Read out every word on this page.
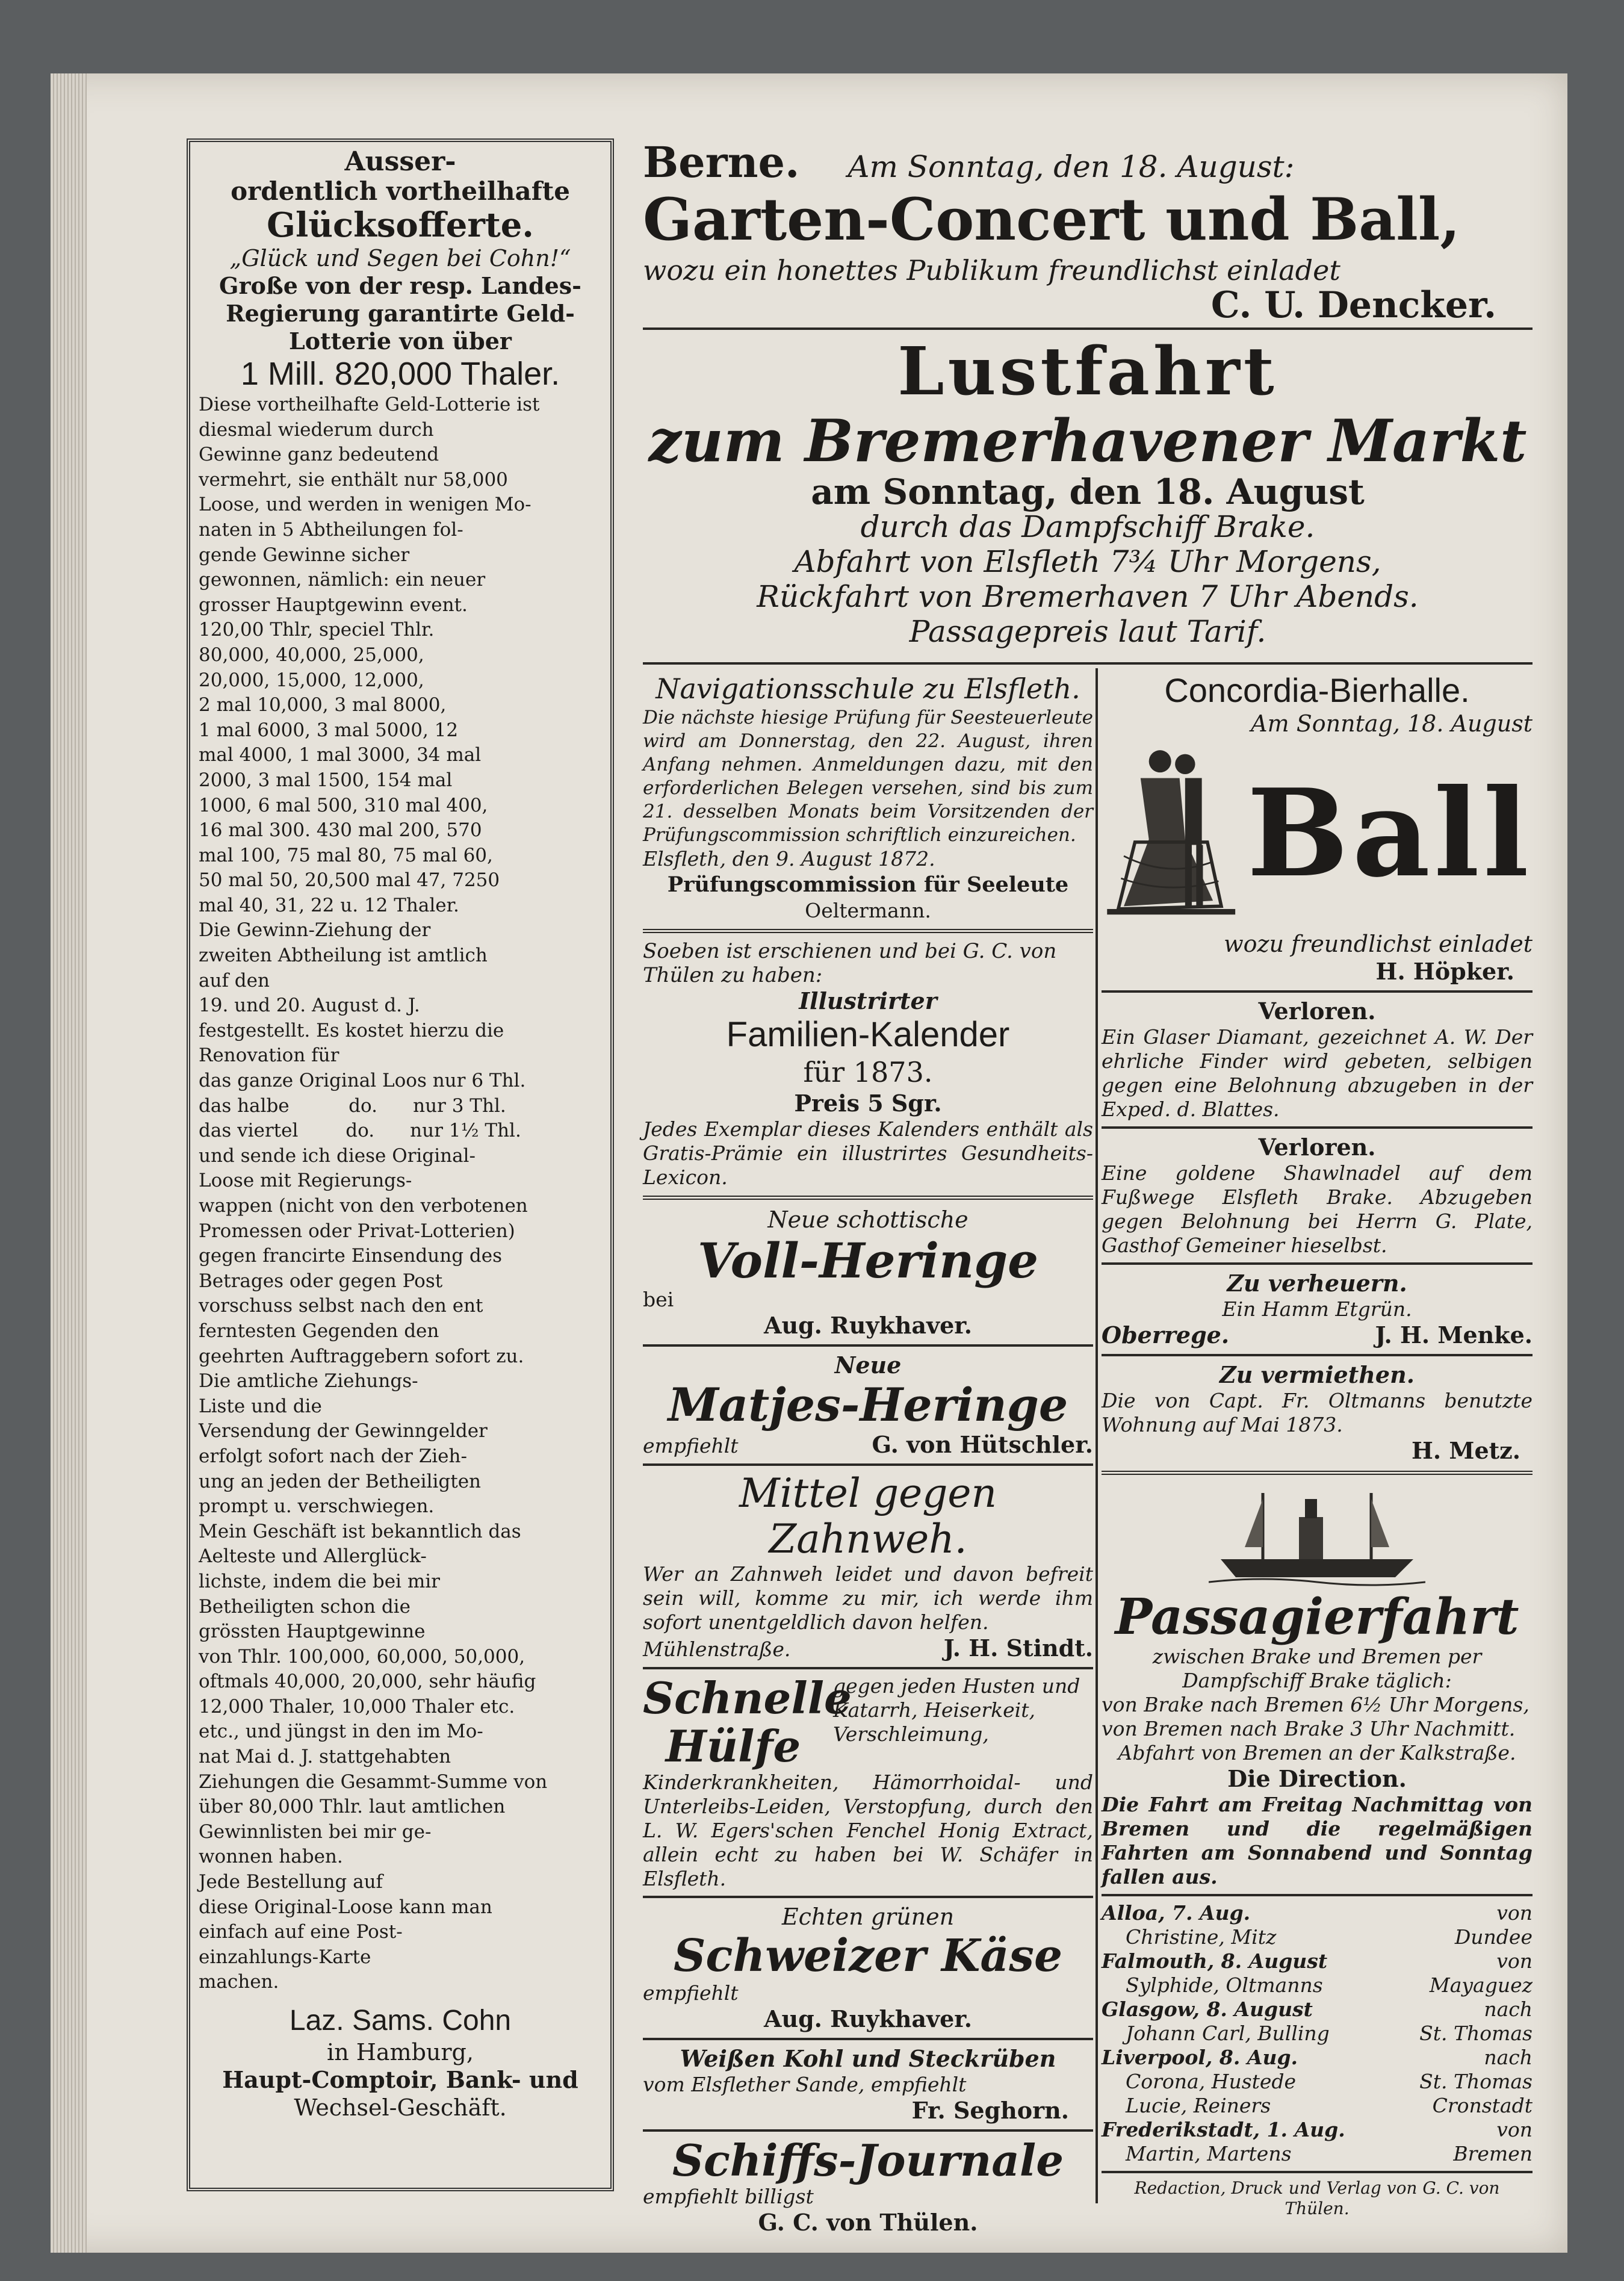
Ausser-

ordentlich vortheilhafte

Glücksofferte.

„Glück und Segen bei Cohn!“

Große von der resp. Landes-

Regierung garantirte Geld-

Lotterie von über

1 Mill. 820,000 Thaler.

Diese vortheilhafte Geld-Lotterie ist

diesmal wiederum durch

Gewinne ganz bedeutend

vermehrt, sie enthält nur 58,000

Loose, und werden in wenigen Mo-

naten in 5 Abtheilungen fol-

gende Gewinne sicher

gewonnen, nämlich: ein neuer

grosser Hauptgewinn event.

120,00 Thlr, speciel Thlr.

80,000, 40,000, 25,000,

20,000, 15,000, 12,000,

2 mal 10,000, 3 mal 8000,

1 mal 6000, 3 mal 5000, 12

mal 4000, 1 mal 3000, 34 mal

2000, 3 mal 1500, 154 mal

1000, 6 mal 500, 310 mal 400,

16 mal 300. 430 mal 200, 570

mal 100, 75 mal 80, 75 mal 60,

50 mal 50, 20,500 mal 47, 7250

mal 40, 31, 22 u. 12 Thaler.

Die Gewinn-Ziehung der

zweiten Abtheilung ist amtlich

auf den

19. und 20. August d. J.

festgestellt. Es kostet hierzu die

Renovation für

das ganze Original Loos nur 6 Thl.

das halbe          do.      nur 3 Thl.

das viertel        do.      nur 1½ Thl.

und sende ich diese Original-

Loose mit Regierungs-

wappen (nicht von den verbotenen

Promessen oder Privat-Lotterien)

gegen francirte Einsendung des

Betrages oder gegen Post

vorschuss selbst nach den ent

ferntesten Gegenden den

geehrten Auftraggebern sofort zu.

Die amtliche Ziehungs-

Liste und die

Versendung der Gewinngelder

erfolgt sofort nach der Zieh-

ung an jeden der Betheiligten

prompt u. verschwiegen.

Mein Geschäft ist bekanntlich das

Aelteste und Allerglück-

lichste, indem die bei mir

Betheiligten schon die

grössten Hauptgewinne

von Thlr. 100,000, 60,000, 50,000,

oftmals 40,000, 20,000, sehr häufig

12,000 Thaler, 10,000 Thaler etc.

etc., und jüngst in den im Mo-

nat Mai d. J. stattgehabten

Ziehungen die Gesammt-Summe von

über 80,000 Thlr. laut amtlichen

Gewinnlisten bei mir ge-

wonnen haben.

Jede Bestellung auf

diese Original-Loose kann man

einfach auf eine Post-

einzahlungs-Karte

machen.

Laz. Sams. Cohn

in Hamburg,

Haupt-Comptoir, Bank- und

Wechsel-Geschäft.

Berne. Am Sonntag, den 18. August:

Garten-Concert und Ball,

wozu ein honettes Publikum freundlichst einladet

C. U. Dencker.

Lustfahrt

zum Bremerhavener Markt

am Sonntag, den 18. August

durch das Dampfschiff Brake.

Abfahrt von Elsfleth 7¾ Uhr Morgens,

Rückfahrt von Bremerhaven 7 Uhr Abends.

Passagepreis laut Tarif.

Navigationsschule zu Elsfleth.

Die nächste hiesige Prüfung für Seesteuerleute wird am Donnerstag, den 22. August, ihren Anfang nehmen. Anmeldungen dazu, mit den erforderlichen Belegen versehen, sind bis zum 21. desselben Monats beim Vorsitzenden der Prüfungscommission schriftlich einzureichen.

Elsfleth, den 9. August 1872.

Prüfungscommission für Seeleute

Oeltermann.

Soeben ist erschienen und bei G. C. von Thülen zu haben:

Illustrirter

Familien-Kalender

für 1873.

Preis 5 Sgr.

Jedes Exemplar dieses Kalenders enthält als Gratis-Prämie ein illustrirtes Gesundheits-Lexicon.

Neue schottische

Voll-Heringe

bei

Aug. Ruykhaver.

Neue

Matjes-Heringe

empfiehlt	G. von Hütschler.

Mittel gegen Zahnweh.

Wer an Zahnweh leidet und davon befreit sein will, komme zu mir, ich werde ihm sofort unentgeldlich davon helfen.

Mühlenstraße.	J. H. Stindt.

Schnelle

Hülfe

gegen jeden Husten und Katarrh, Heiserkeit, Verschleimung,

Kinderkrankheiten, Hämorrhoidal- und Unterleibs-Leiden, Verstopfung, durch den L. W. Egers'schen Fenchel Honig Extract, allein echt zu haben bei W. Schäfer in Elsfleth.

Echten grünen

Schweizer Käse

empfiehlt

Aug. Ruykhaver.

Weißen Kohl und Steckrüben

vom Elsflether Sande, empfiehlt

Fr. Seghorn.

Schiffs-Journale

empfiehlt billigst

G. C. von Thülen.

Concordia-Bierhalle.

Am Sonntag, 18. August

Ball

wozu freundlichst einladet

H. Höpker.

Verloren.

Ein Glaser Diamant, gezeichnet A. W. Der ehrliche Finder wird gebeten, selbigen gegen eine Belohnung abzugeben in der Exped. d. Blattes.

Verloren.

Eine goldene Shawlnadel auf dem Fußwege Elsfleth Brake. Abzugeben gegen Belohnung bei Herrn G. Plate, Gasthof Gemeiner hieselbst.

Zu verheuern.

Ein Hamm Etgrün.

Oberrege.	J. H. Menke.

Zu vermiethen.

Die von Capt. Fr. Oltmanns benutzte Wohnung auf Mai 1873.

H. Metz.

Passagierfahrt

zwischen Brake und Bremen per

Dampfschiff Brake täglich:

von Brake nach Bremen 6½ Uhr Morgens,

von Bremen nach Brake 3 Uhr Nachmitt.

Abfahrt von Bremen an der Kalkstraße.

Die Direction.

Die Fahrt am Freitag Nachmittag von Bremen und die regelmäßigen Fahrten am Sonnabend und Sonntag fallen aus.

Alloa, 7. Aug.	von
Christine, Mitz	Dundee
Falmouth, 8. August	von
Sylphide, Oltmanns	Mayaguez
Glasgow, 8. August	nach
Johann Carl, Bulling	St. Thomas
Liverpool, 8. Aug.	nach
Corona, Hustede	St. Thomas
Lucie, Reiners	Cronstadt
Frederikstadt, 1. Aug.	von
Martin, Martens	Bremen

Redaction, Druck und Verlag von G. C. von Thülen.
